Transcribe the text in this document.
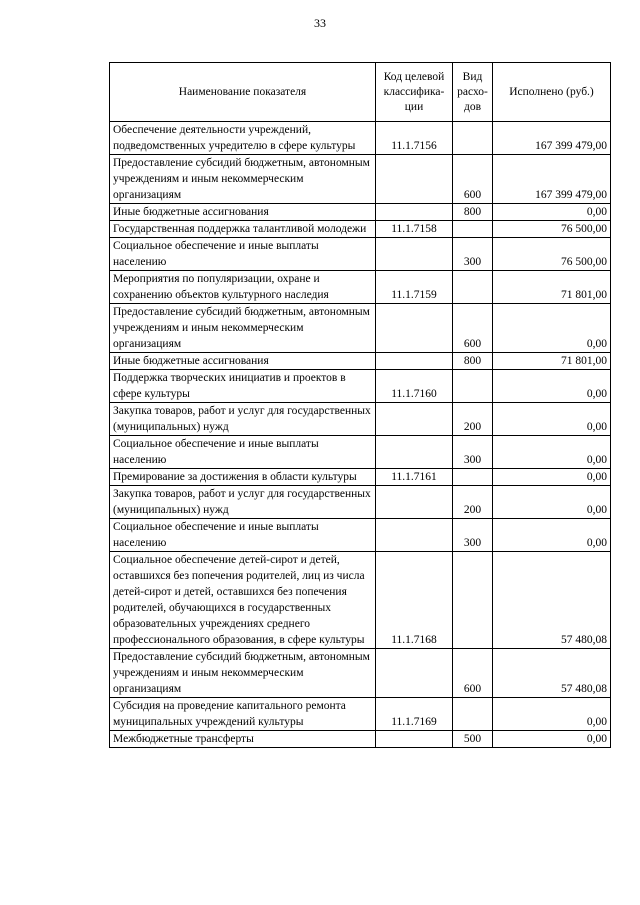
33
Наименование показателя	Код целевой классифика-ции	Вид расхо-дов	Исполнено (руб.)
Обеспечение деятельности учреждений, подведомственных учредителю в сфере культуры	11.1.7156		167 399 479,00
Предоставление субсидий бюджетным, автономным учреждениям и иным некоммерческим организациям		600	167 399 479,00
Иные бюджетные ассигнования		800	0,00
Государственная поддержка талантливой молодежи	11.1.7158		76 500,00
Социальное обеспечение и иные выплаты населению		300	76 500,00
Мероприятия по популяризации, охране и сохранению объектов культурного наследия	11.1.7159		71 801,00
Предоставление субсидий бюджетным, автономным учреждениям и иным некоммерческим организациям		600	0,00
Иные бюджетные ассигнования		800	71 801,00
Поддержка творческих инициатив и проектов в сфере культуры	11.1.7160		0,00
Закупка товаров, работ и услуг для государственных (муниципальных) нужд		200	0,00
Социальное обеспечение и иные выплаты населению		300	0,00
Премирование за достижения в области культуры	11.1.7161		0,00
Закупка товаров, работ и услуг для государственных (муниципальных) нужд		200	0,00
Социальное обеспечение и иные выплаты населению		300	0,00
Социальное обеспечение детей-сирот и детей, оставшихся без попечения родителей, лиц из числа детей-сирот и детей, оставшихся без попечения родителей, обучающихся в государственных образовательных учреждениях среднего профессионального образования, в сфере культуры	11.1.7168		57 480,08
Предоставление субсидий бюджетным, автономным учреждениям и иным некоммерческим организациям		600	57 480,08
Субсидия на проведение капитального ремонта муниципальных учреждений культуры	11.1.7169		0,00
Межбюджетные трансферты		500	0,00
